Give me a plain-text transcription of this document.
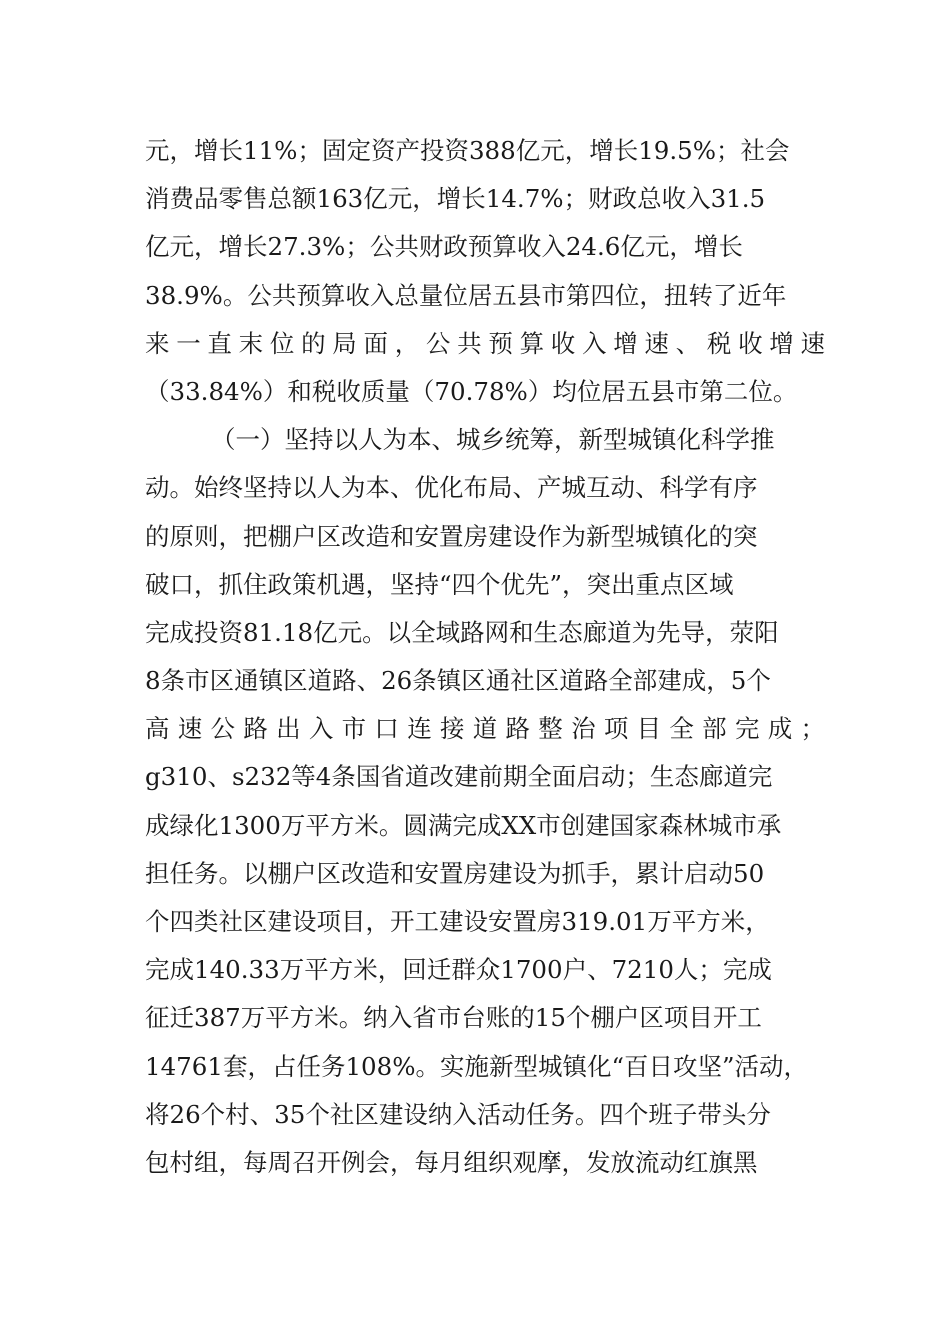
元，增长11%；固定资产投资388亿元，增长19.5%；社会
消费品零售总额163亿元，增长14.7%；财政总收入31.5
亿元，增长27.3%；公共财政预算收入24.6亿元，增长
38.9%。公共预算收入总量位居五县市第四位，扭转了近年
来一直末位的局面，公共预算收入增速、税收增速
（33.84%）和税收质量（70.78%）均位居五县市第二位。
（一）坚持以人为本、城乡统筹，新型城镇化科学推
动。始终坚持以人为本、优化布局、产城互动、科学有序
的原则，把棚户区改造和安置房建设作为新型城镇化的突
破口，抓住政策机遇，坚持“四个优先”，突出重点区域
完成投资81.18亿元。以全域路网和生态廊道为先导，荥阳
8条市区通镇区道路、26条镇区通社区道路全部建成，5个
高速公路出入市口连接道路整治项目全部完成；
g310、s232等4条国省道改建前期全面启动；生态廊道完
成绿化1300万平方米。圆满完成XX市创建国家森林城市承
担任务。以棚户区改造和安置房建设为抓手，累计启动50
个四类社区建设项目，开工建设安置房319.01万平方米，
完成140.33万平方米，回迁群众1700户、7210人；完成
征迁387万平方米。纳入省市台账的15个棚户区项目开工
14761套，占任务108%。实施新型城镇化“百日攻坚”活动，
将26个村、35个社区建设纳入活动任务。四个班子带头分
包村组，每周召开例会，每月组织观摩，发放流动红旗黑
